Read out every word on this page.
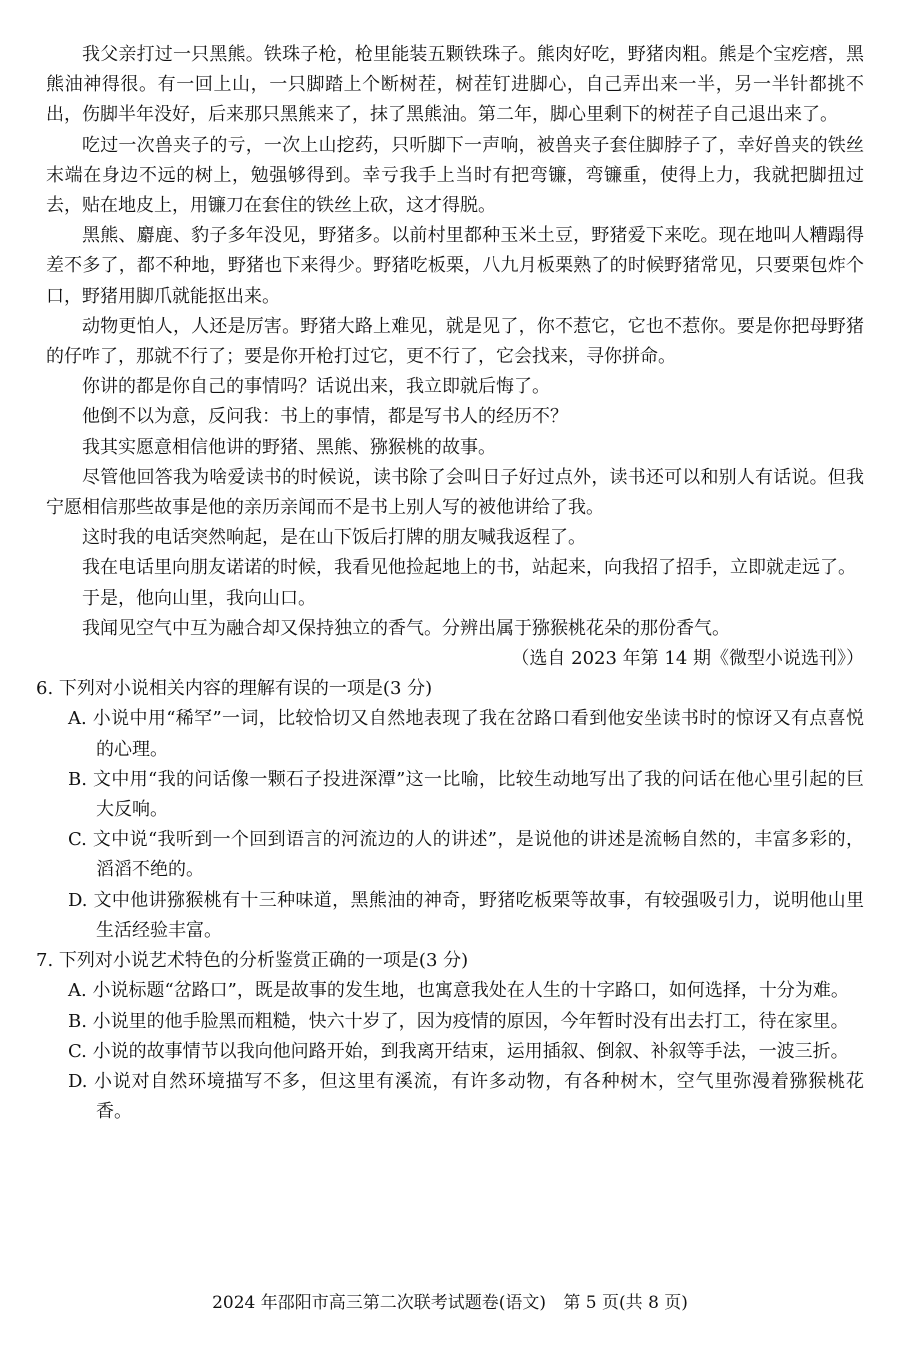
我父亲打过一只黑熊。铁珠子枪，枪里能装五颗铁珠子。熊肉好吃，野猪肉粗。熊是个宝疙瘩，黑熊油神得很。有一回上山，一只脚踏上个断树茬，树茬钉进脚心，自己弄出来一半，另一半针都挑不出，伤脚半年没好，后来那只黑熊来了，抹了黑熊油。第二年，脚心里剩下的树茬子自己退出来了。

吃过一次兽夹子的亏，一次上山挖药，只听脚下一声响，被兽夹子套住脚脖子了，幸好兽夹的铁丝末端在身边不远的树上，勉强够得到。幸亏我手上当时有把弯镰，弯镰重，使得上力，我就把脚扭过去，贴在地皮上，用镰刀在套住的铁丝上砍，这才得脱。

黑熊、麝鹿、豹子多年没见，野猪多。以前村里都种玉米土豆，野猪爱下来吃。现在地叫人糟蹋得差不多了，都不种地，野猪也下来得少。野猪吃板栗，八九月板栗熟了的时候野猪常见，只要栗包炸个口，野猪用脚爪就能抠出来。

动物更怕人，人还是厉害。野猪大路上难见，就是见了，你不惹它，它也不惹你。要是你把母野猪的仔咋了，那就不行了；要是你开枪打过它，更不行了，它会找来，寻你拼命。

你讲的都是你自己的事情吗？话说出来，我立即就后悔了。

他倒不以为意，反问我：书上的事情，都是写书人的经历不？

我其实愿意相信他讲的野猪、黑熊、猕猴桃的故事。

尽管他回答我为啥爱读书的时候说，读书除了会叫日子好过点外，读书还可以和别人有话说。但我宁愿相信那些故事是他的亲历亲闻而不是书上别人写的被他讲给了我。

这时我的电话突然响起，是在山下饭后打牌的朋友喊我返程了。

我在电话里向朋友诺诺的时候，我看见他捡起地上的书，站起来，向我招了招手，立即就走远了。

于是，他向山里，我向山口。

我闻见空气中互为融合却又保持独立的香气。分辨出属于猕猴桃花朵的那份香气。

（选自 2023 年第 14 期《微型小说选刊》）

6. 下列对小说相关内容的理解有误的一项是(3 分)

A. 小说中用“稀罕”一词，比较恰切又自然地表现了我在岔路口看到他安坐读书时的惊讶又有点喜悦的心理。

B. 文中用“我的问话像一颗石子投进深潭”这一比喻，比较生动地写出了我的问话在他心里引起的巨大反响。

C. 文中说“我听到一个回到语言的河流边的人的讲述”，是说他的讲述是流畅自然的，丰富多彩的，滔滔不绝的。

D. 文中他讲猕猴桃有十三种味道，黑熊油的神奇，野猪吃板栗等故事，有较强吸引力，说明他山里生活经验丰富。

7. 下列对小说艺术特色的分析鉴赏正确的一项是(3 分)

A. 小说标题“岔路口”，既是故事的发生地，也寓意我处在人生的十字路口，如何选择，十分为难。

B. 小说里的他手脸黑而粗糙，快六十岁了，因为疫情的原因，今年暂时没有出去打工，待在家里。

C. 小说的故事情节以我向他问路开始，到我离开结束，运用插叙、倒叙、补叙等手法，一波三折。

D. 小说对自然环境描写不多，但这里有溪流，有许多动物，有各种树木，空气里弥漫着猕猴桃花香。

2024 年邵阳市高三第二次联考试题卷(语文) 第 5 页(共 8 页)
